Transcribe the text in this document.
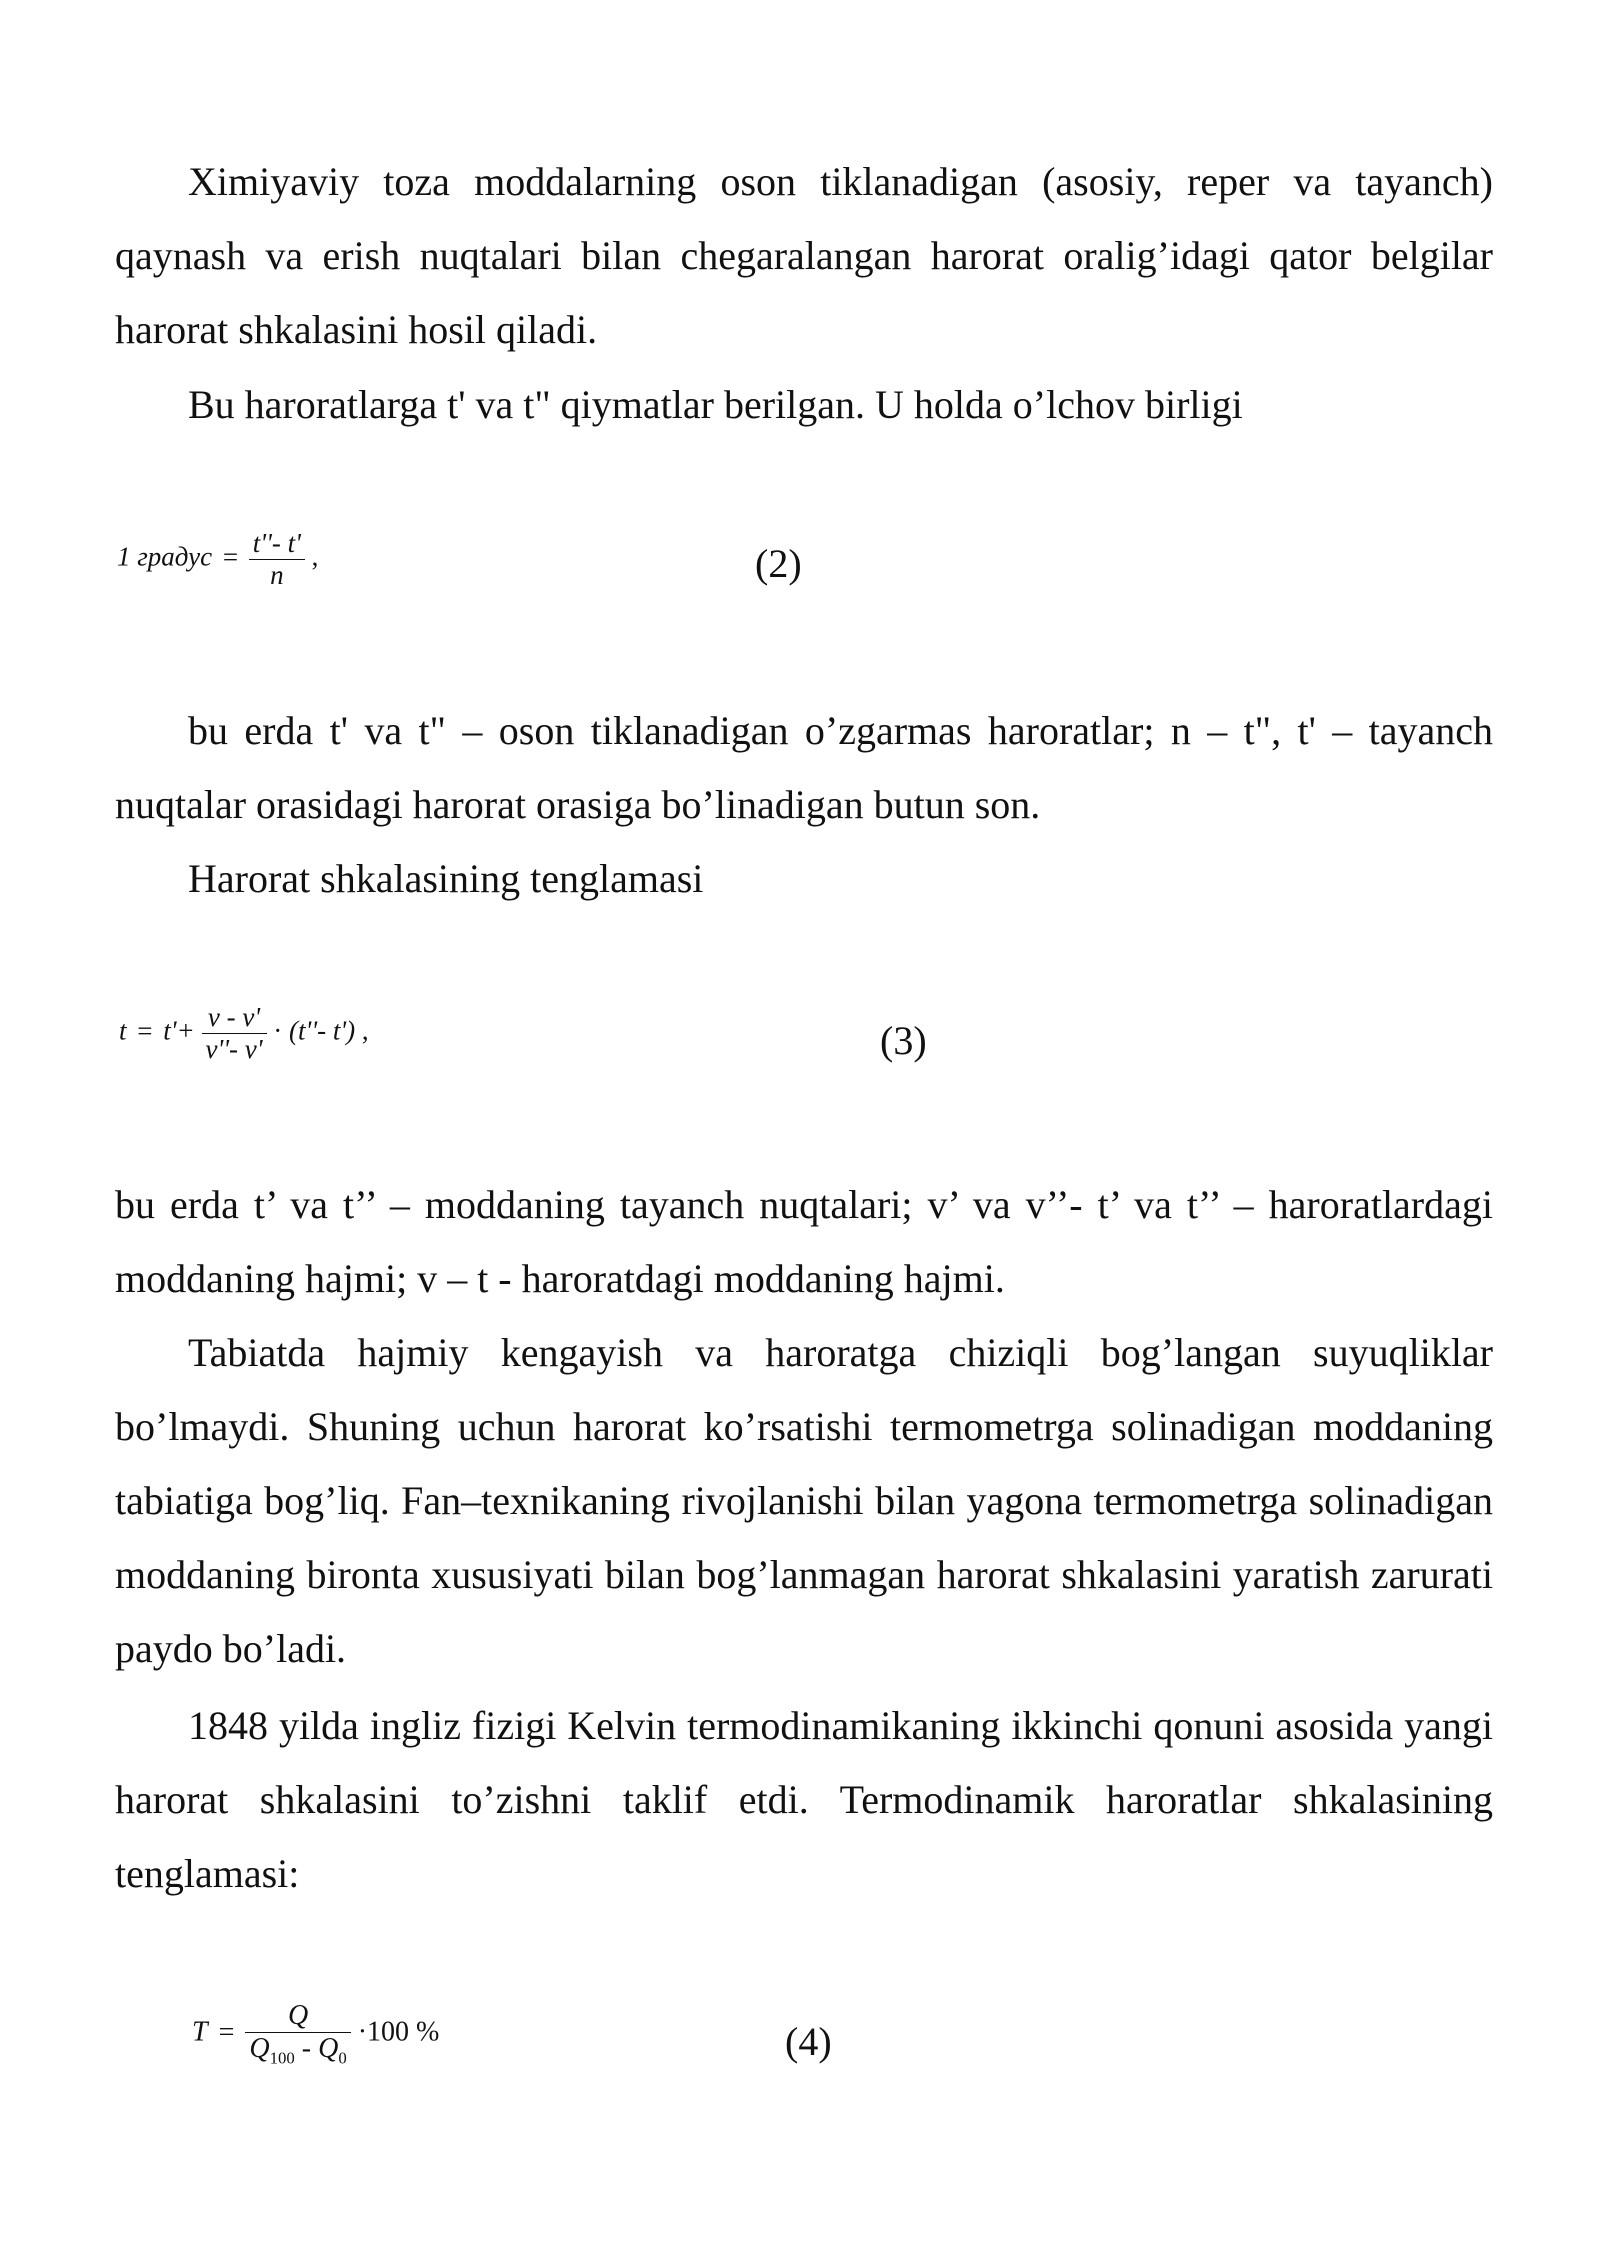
Ximiyaviy toza moddalarning oson tiklanadigan (asosiy, reper va tayanch) qaynash va erish nuqtalari bilan chegaralangan harorat oralig’idagi qator belgilar harorat shkalasini hosil qiladi.

Bu haroratlarga t' va t" qiymatlar berilgan. U holda o’lchov birligi

1 градус = $\frac{t''- t'}{n}$ ,	(2)

bu erda t' va t" – oson tiklanadigan o’zgarmas haroratlar; n – t", t' – tayanch nuqtalar orasidagi harorat orasiga bo’linadigan butun son.

Harorat shkalasining tenglamasi

$t = t'+ \frac{v - v'}{v''- v'} \cdot (t''-$ t') ,	(3)

bu erda t’ va t’’ – moddaning tayanch nuqtalari; v’ va v’’- t’ va t’’ – haroratlardagi moddaning hajmi; v – t - haroratdagi moddaning hajmi.

Tabiatda hajmiy kengayish va haroratga chiziqli bog’langan suyuqliklar bo’lmaydi. Shuning uchun harorat ko’rsatishi termometrga solinadigan moddaning tabiatiga bog’liq. Fan–texnikaning rivojlanishi bilan yagona termometrga solinadigan moddaning bironta xususiyati bilan bog’lanmagan harorat shkalasini yaratish zarurati paydo bo’ladi.

1848 yilda ingliz fizigi Kelvin termodinamikaning ikkinchi qonuni asosida yangi harorat shkalasini to’zishni taklif etdi. Termodinamik haroratlar shkalasining tenglamasi:

$T = \frac{Q}{Q_{100} - Q_0} \cdot 100$ %	(4)
